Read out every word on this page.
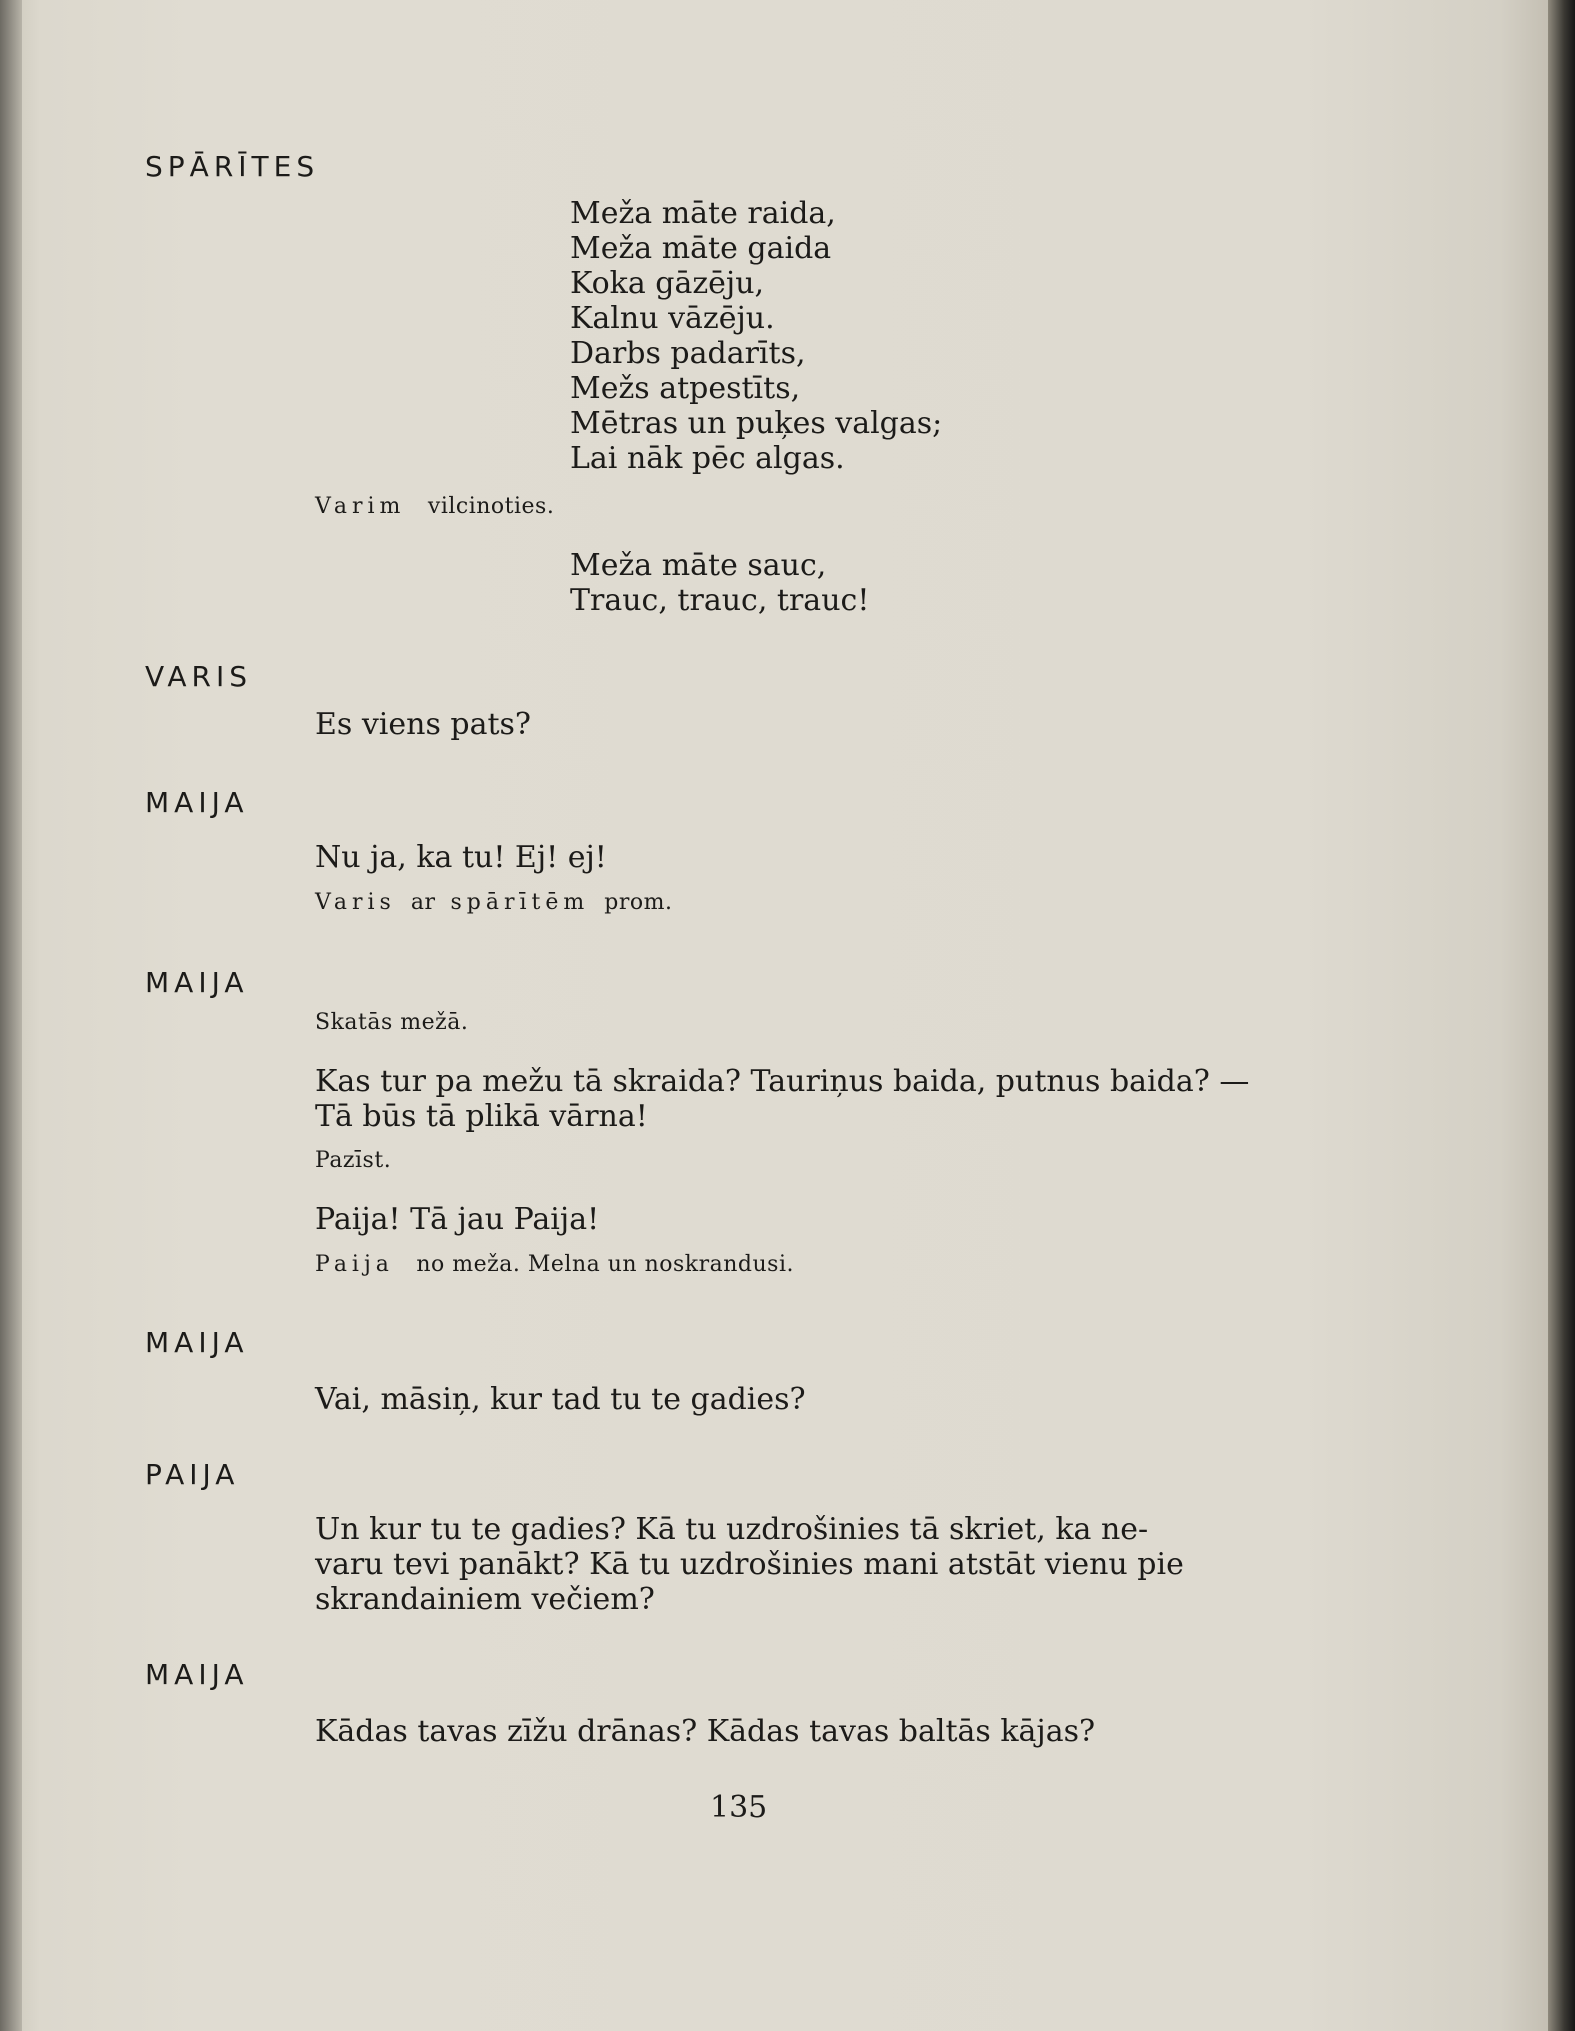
SPĀRĪTES
Meža māte raida,
Meža māte gaida
Koka gāzēju,
Kalnu vāzēju.
Darbs padarīts,
Mežs atpestīts,
Mētras un puķes valgas;
Lai nāk pēc algas.
Varim vilcinoties.
Meža māte sauc,
Trauc, trauc, trauc!
VARIS
Es viens pats?
MAIJA
Nu ja, ka tu! Ej! ej!
Varis ar spārītēm prom.
MAIJA
Skatās mežā.
Kas tur pa mežu tā skraida? Tauriņus baida, putnus baida? —
Tā būs tā plikā vārna!
Pazīst.
Paija! Tā jau Paija!
Paija no meža. Melna un noskrandusi.
MAIJA
Vai, māsiņ, kur tad tu te gadies?
PAIJA
Un kur tu te gadies? Kā tu uzdrošinies tā skriet, ka ne-
varu tevi panākt? Kā tu uzdrošinies mani atstāt vienu pie
skrandainiem večiem?
MAIJA
Kādas tavas zīžu drānas? Kādas tavas baltās kājas?
135
